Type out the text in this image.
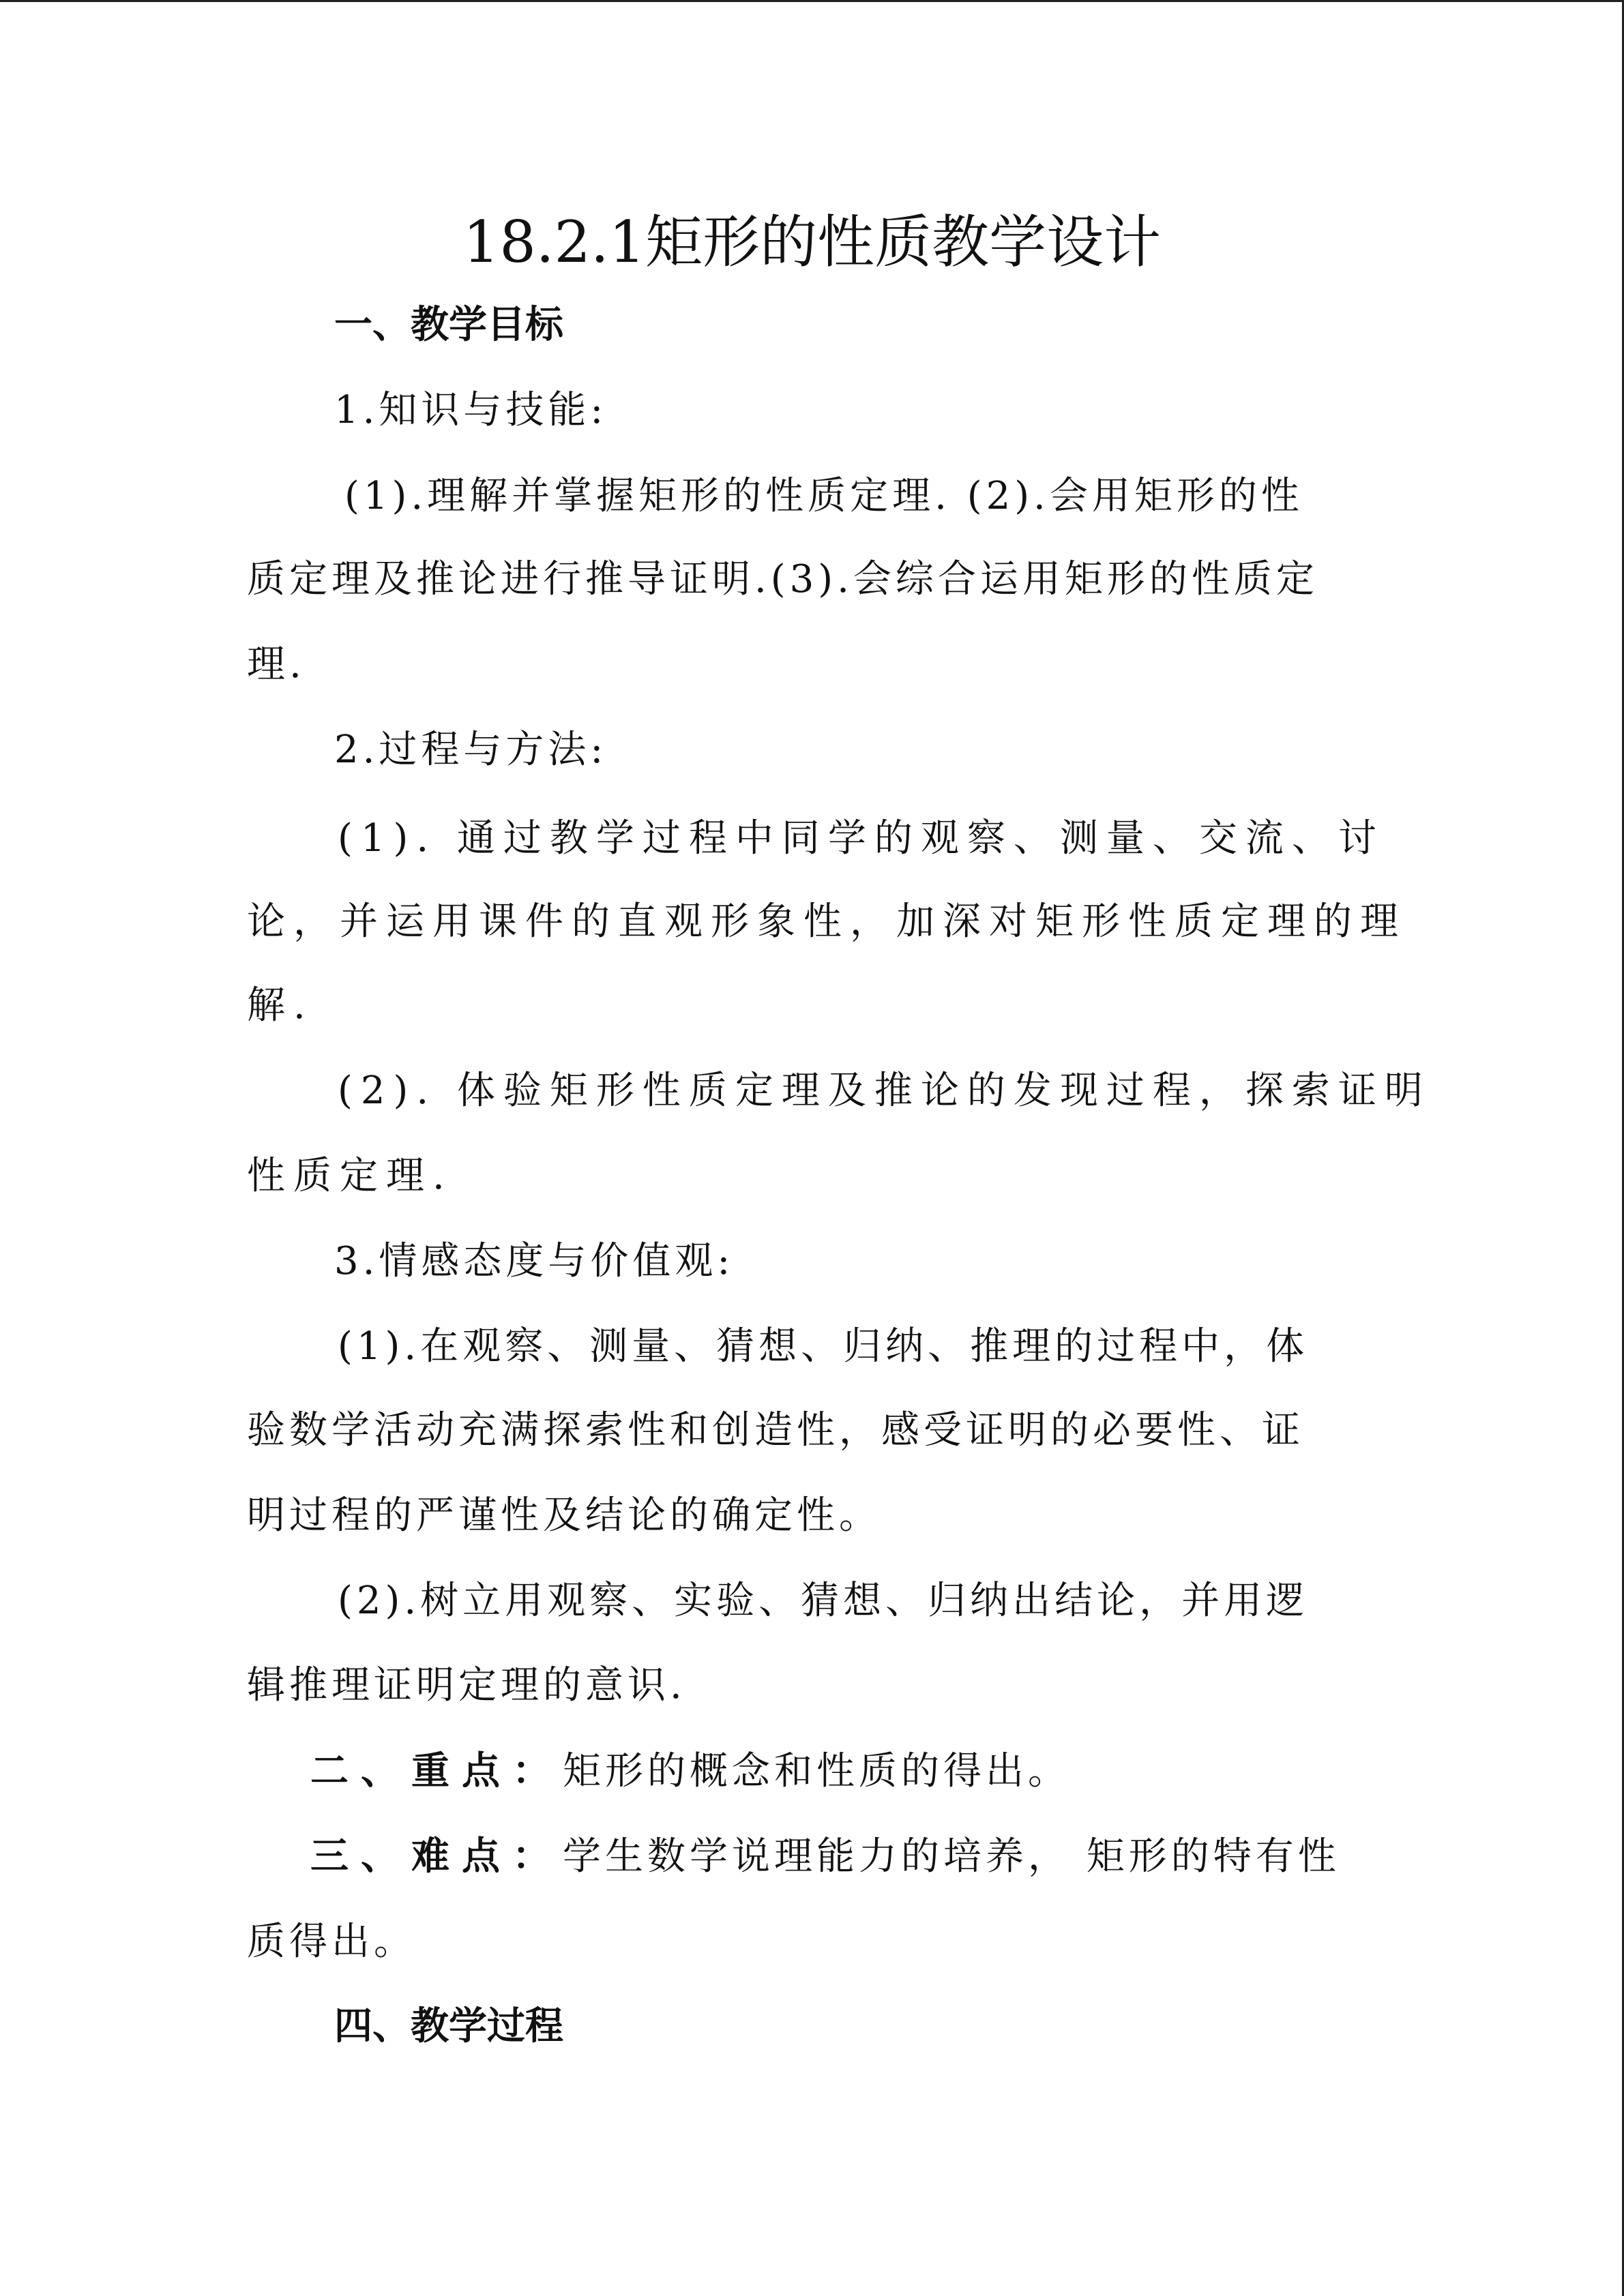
18.2.1矩形的性质教学设计
一、教学目标
1.知识与技能:
(1).理解并掌握矩形的性质定理. (2).会用矩形的性
质定理及推论进行推导证明.(3).会综合运用矩形的性质定
理.
2.过程与方法:
(1). 通过教学过程中同学的观察、测量、交流、讨
论，并运用课件的直观形象性，加深对矩形性质定理的理
解.
(2). 体验矩形性质定理及推论的发现过程，探索证明
性质定理.
3.情感态度与价值观:
(1).在观察、测量、猜想、归纳、推理的过程中，体
验数学活动充满探索性和创造性，感受证明的必要性、证
明过程的严谨性及结论的确定性。
(2).树立用观察、实验、猜想、归纳出结论，并用逻
辑推理证明定理的意识.
二、重点：矩形的概念和性质的得出。
三、难点：学生数学说理能力的培养， 矩形的特有性
质得出。
四、教学过程
